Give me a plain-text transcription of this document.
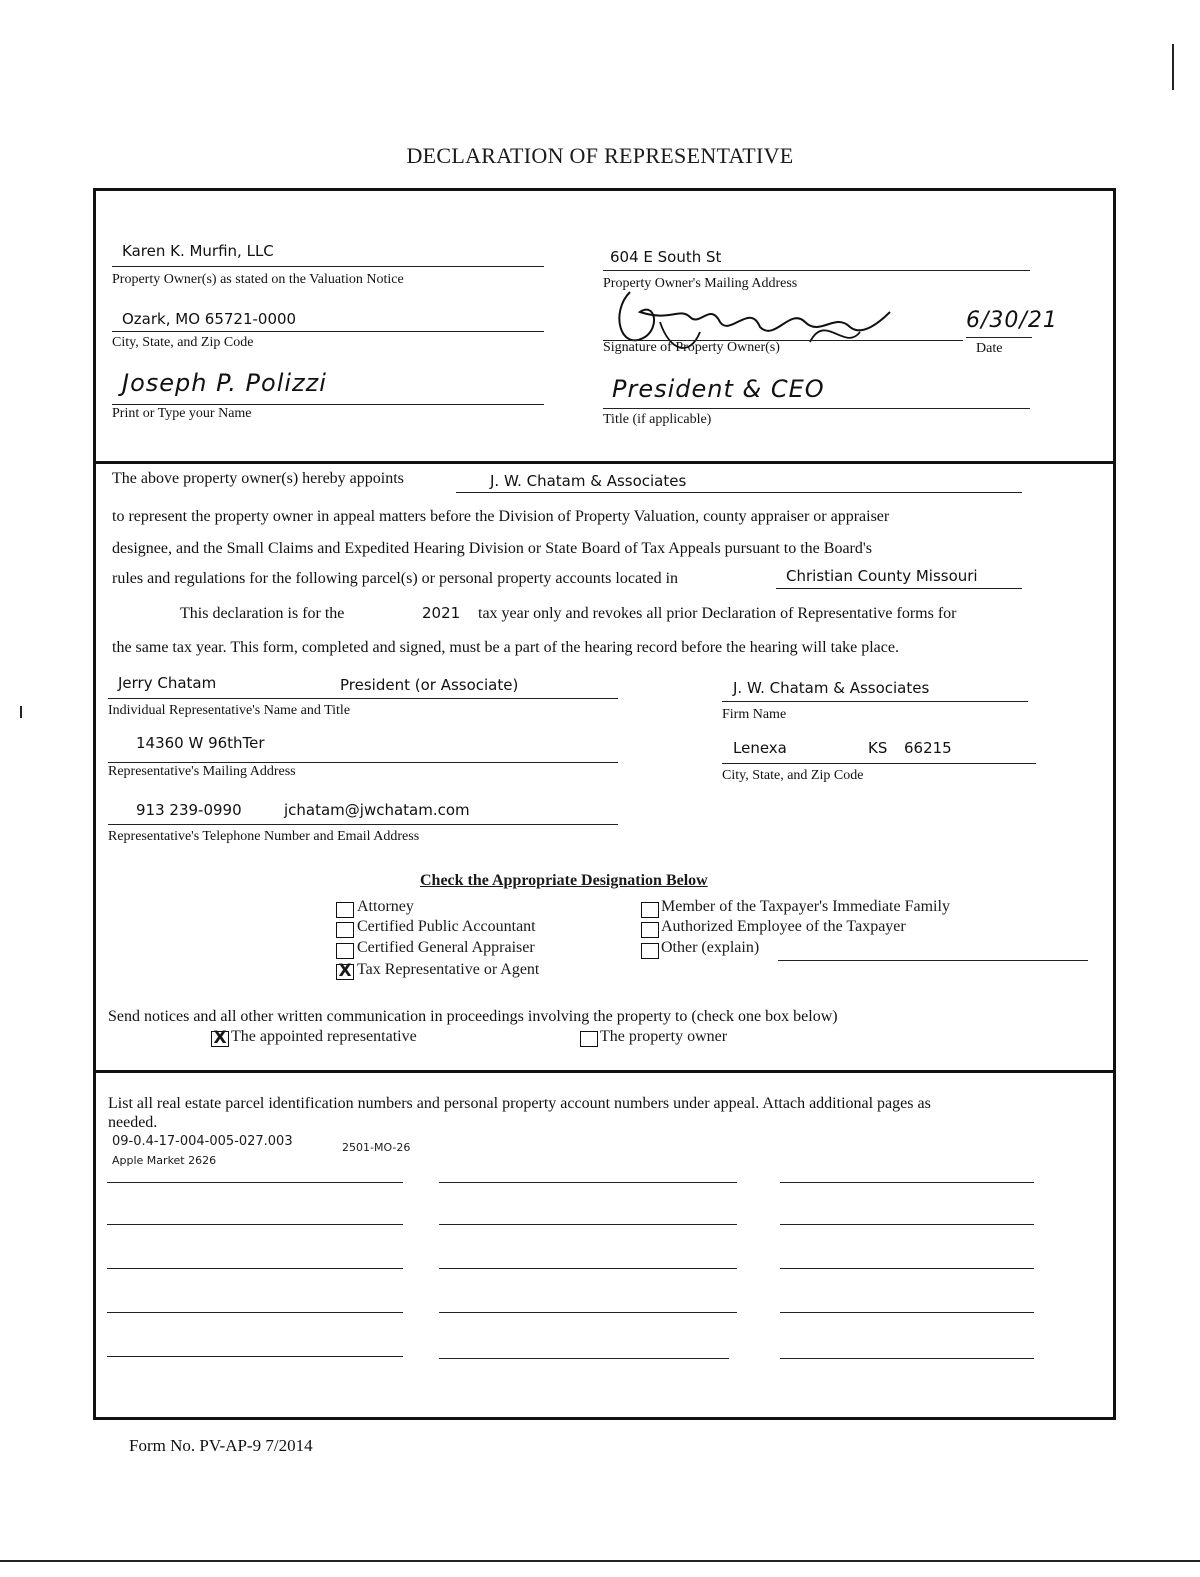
DECLARATION OF REPRESENTATIVE
Karen K. Murfin, LLC
Property Owner(s) as stated on the Valuation Notice
604 E South St
Property Owner's Mailing Address
Ozark, MO 65721-0000
City, State, and Zip Code	Signature of Property Owner(s)
6/30/21
Date
Joseph P. Polizzi
Print or Type your Name
President & CEO
Title (if applicable)
The above property owner(s) hereby appoints	J. W. Chatam & Associates
to represent the property owner in appeal matters before the Division of Property Valuation, county appraiser or appraiser
designee, and the Small Claims and Expedited Hearing Division or State Board of Tax Appeals pursuant to the Board's
rules and regulations for the following parcel(s) or personal property accounts located in	Christian County Missouri
This declaration is for the	2021 tax year only and revokes all prior Declaration of Representative forms for
the same tax year. This form, completed and signed, must be a part of the hearing record before the hearing will take place.
Jerry Chatam	President (or Associate)
Individual Representative's Name and Title
J. W. Chatam & Associates
Firm Name
14360 W 96thTer
Representative's Mailing Address
Lenexa	KS 66215
City, State, and Zip Code
913 239-0990	jchatam@jwchatam.com
Representative's Telephone Number and Email Address
Check the Appropriate Designation Below
Attorney
Certified Public Accountant
Certified General Appraiser
X Tax Representative or Agent
Member of the Taxpayer's Immediate Family
Authorized Employee of the Taxpayer
Other (explain)
Send notices and all other written communication in proceedings involving the property to (check one box below)
X The appointed representative	The property owner
List all real estate parcel identification numbers and personal property account numbers under appeal. Attach additional pages as
needed.
09-0.4-17-004-005-027.003	2501-MO-26
Apple Market 2626
Form No. PV-AP-9 7/2014
